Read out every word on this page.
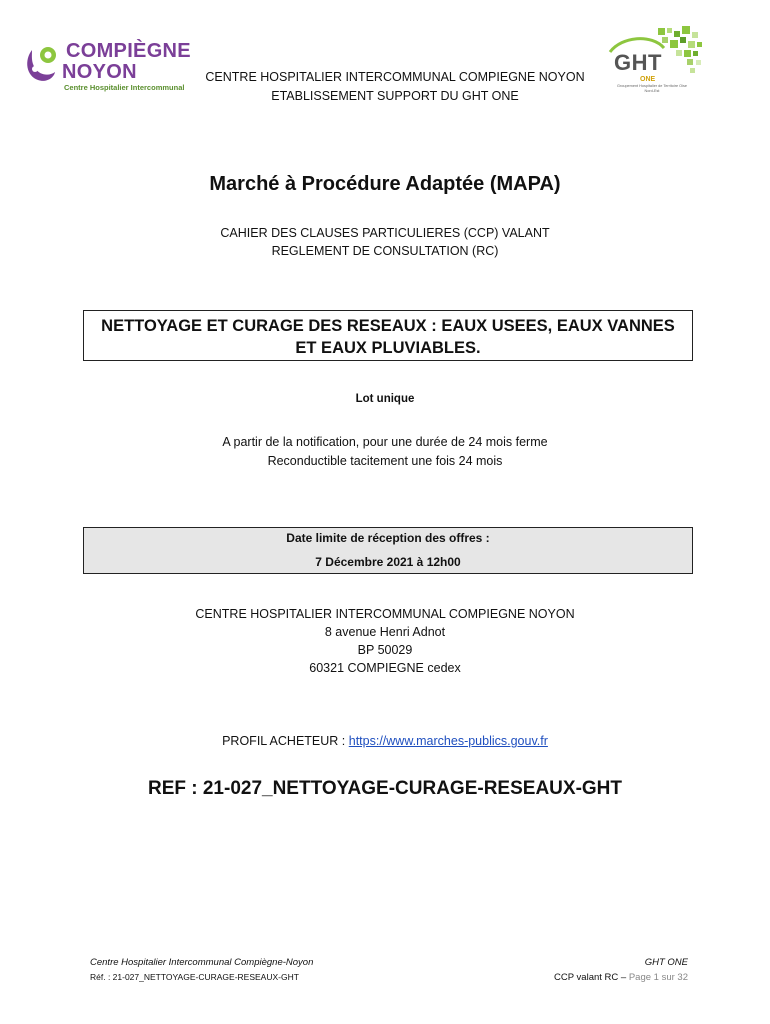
COMPIÈGNE
NOYON
Centre Hospitalier Intercommunal
GHT
ONE
Groupement Hospitalier de Territoire Oise Nord-Est
CENTRE HOSPITALIER INTERCOMMUNAL COMPIEGNE NOYON
ETABLISSEMENT SUPPORT DU GHT ONE
Marché à Procédure Adaptée (MAPA)
CAHIER DES CLAUSES PARTICULIERES (CCP) VALANT
REGLEMENT DE CONSULTATION (RC)
NETTOYAGE ET CURAGE DES RESEAUX : EAUX USEES, EAUX VANNES
ET EAUX PLUVIABLES.
Lot unique
A partir de la notification, pour une durée de 24 mois ferme
Reconductible tacitement une fois 24 mois
Date limite de réception des offres :
7 Décembre 2021 à 12h00
CENTRE HOSPITALIER INTERCOMMUNAL COMPIEGNE NOYON
8 avenue Henri Adnot
BP 50029
60321 COMPIEGNE cedex
PROFIL ACHETEUR : https://www.marches-publics.gouv.fr
REF : 21-027_NETTOYAGE-CURAGE-RESEAUX-GHT
Centre Hospitalier Intercommunal Compiègne-Noyon
Réf. : 21-027_NETTOYAGE-CURAGE-RESEAUX-GHT
GHT ONE
CCP valant RC – Page 1 sur 32
